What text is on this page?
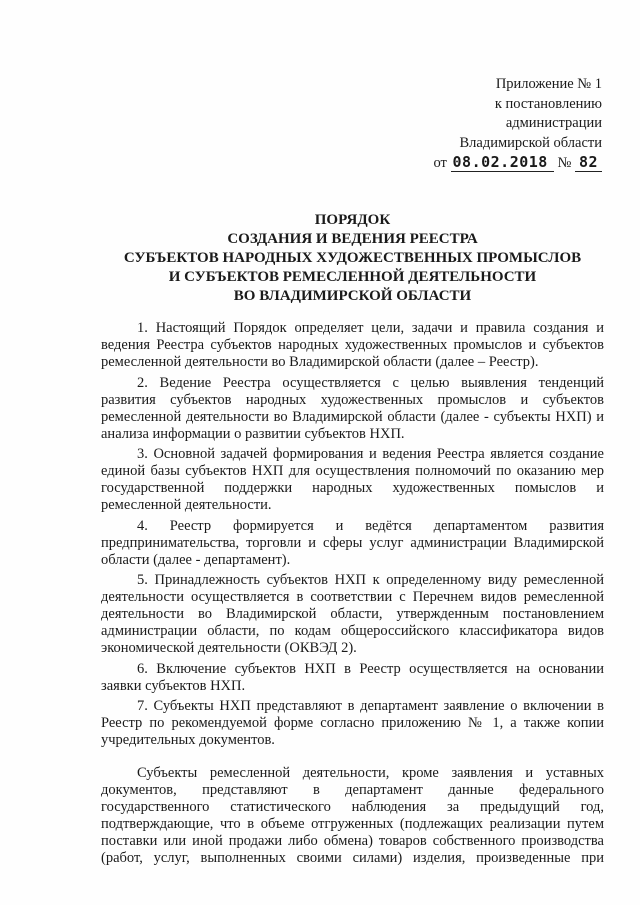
Приложение № 1
к постановлению
администрации
Владимирской области
от 08.02.2018 № 82
ПОРЯДОК
СОЗДАНИЯ И ВЕДЕНИЯ РЕЕСТРА
СУБЪЕКТОВ НАРОДНЫХ ХУДОЖЕСТВЕННЫХ ПРОМЫСЛОВ
И СУБЪЕКТОВ РЕМЕСЛЕННОЙ ДЕЯТЕЛЬНОСТИ
ВО ВЛАДИМИРСКОЙ ОБЛАСТИ

1. Настоящий Порядок определяет цели, задачи и правила создания и ведения Реестра субъектов народных художественных промыслов и субъектов ремесленной деятельности во Владимирской области (далее – Реестр).

2. Ведение Реестра осуществляется с целью выявления тенденций развития субъектов народных художественных промыслов и субъектов ремесленной деятельности во Владимирской области (далее - субъекты НХП) и анализа информации о развитии субъектов НХП.

3. Основной задачей формирования и ведения Реестра является создание единой базы субъектов НХП для осуществления полномочий по оказанию мер государственной поддержки народных художественных помыслов и ремесленной деятельности.

4. Реестр формируется и ведётся департаментом развития предпринимательства, торговли и сферы услуг администрации Владимирской области (далее - департамент).

5. Принадлежность субъектов НХП к определенному виду ремесленной деятельности осуществляется в соответствии с Перечнем видов ремесленной деятельности во Владимирской области, утвержденным постановлением администрации области, по кодам общероссийского классификатора видов экономической деятельности (ОКВЭД 2).

6. Включение субъектов НХП в Реестр осуществляется на основании заявки субъектов НХП.

7. Субъекты НХП представляют в департамент заявление о включении в Реестр по рекомендуемой форме согласно приложению № 1, а также копии учредительных документов.

Субъекты ремесленной деятельности, кроме заявления и уставных документов, представляют в департамент данные федерального государственного статистического наблюдения за предыдущий год, подтверждающие, что в объеме отгруженных (подлежащих реализации путем поставки или иной продажи либо обмена) товаров собственного производства (работ, услуг, выполненных своими силами) изделия, произведенные при
